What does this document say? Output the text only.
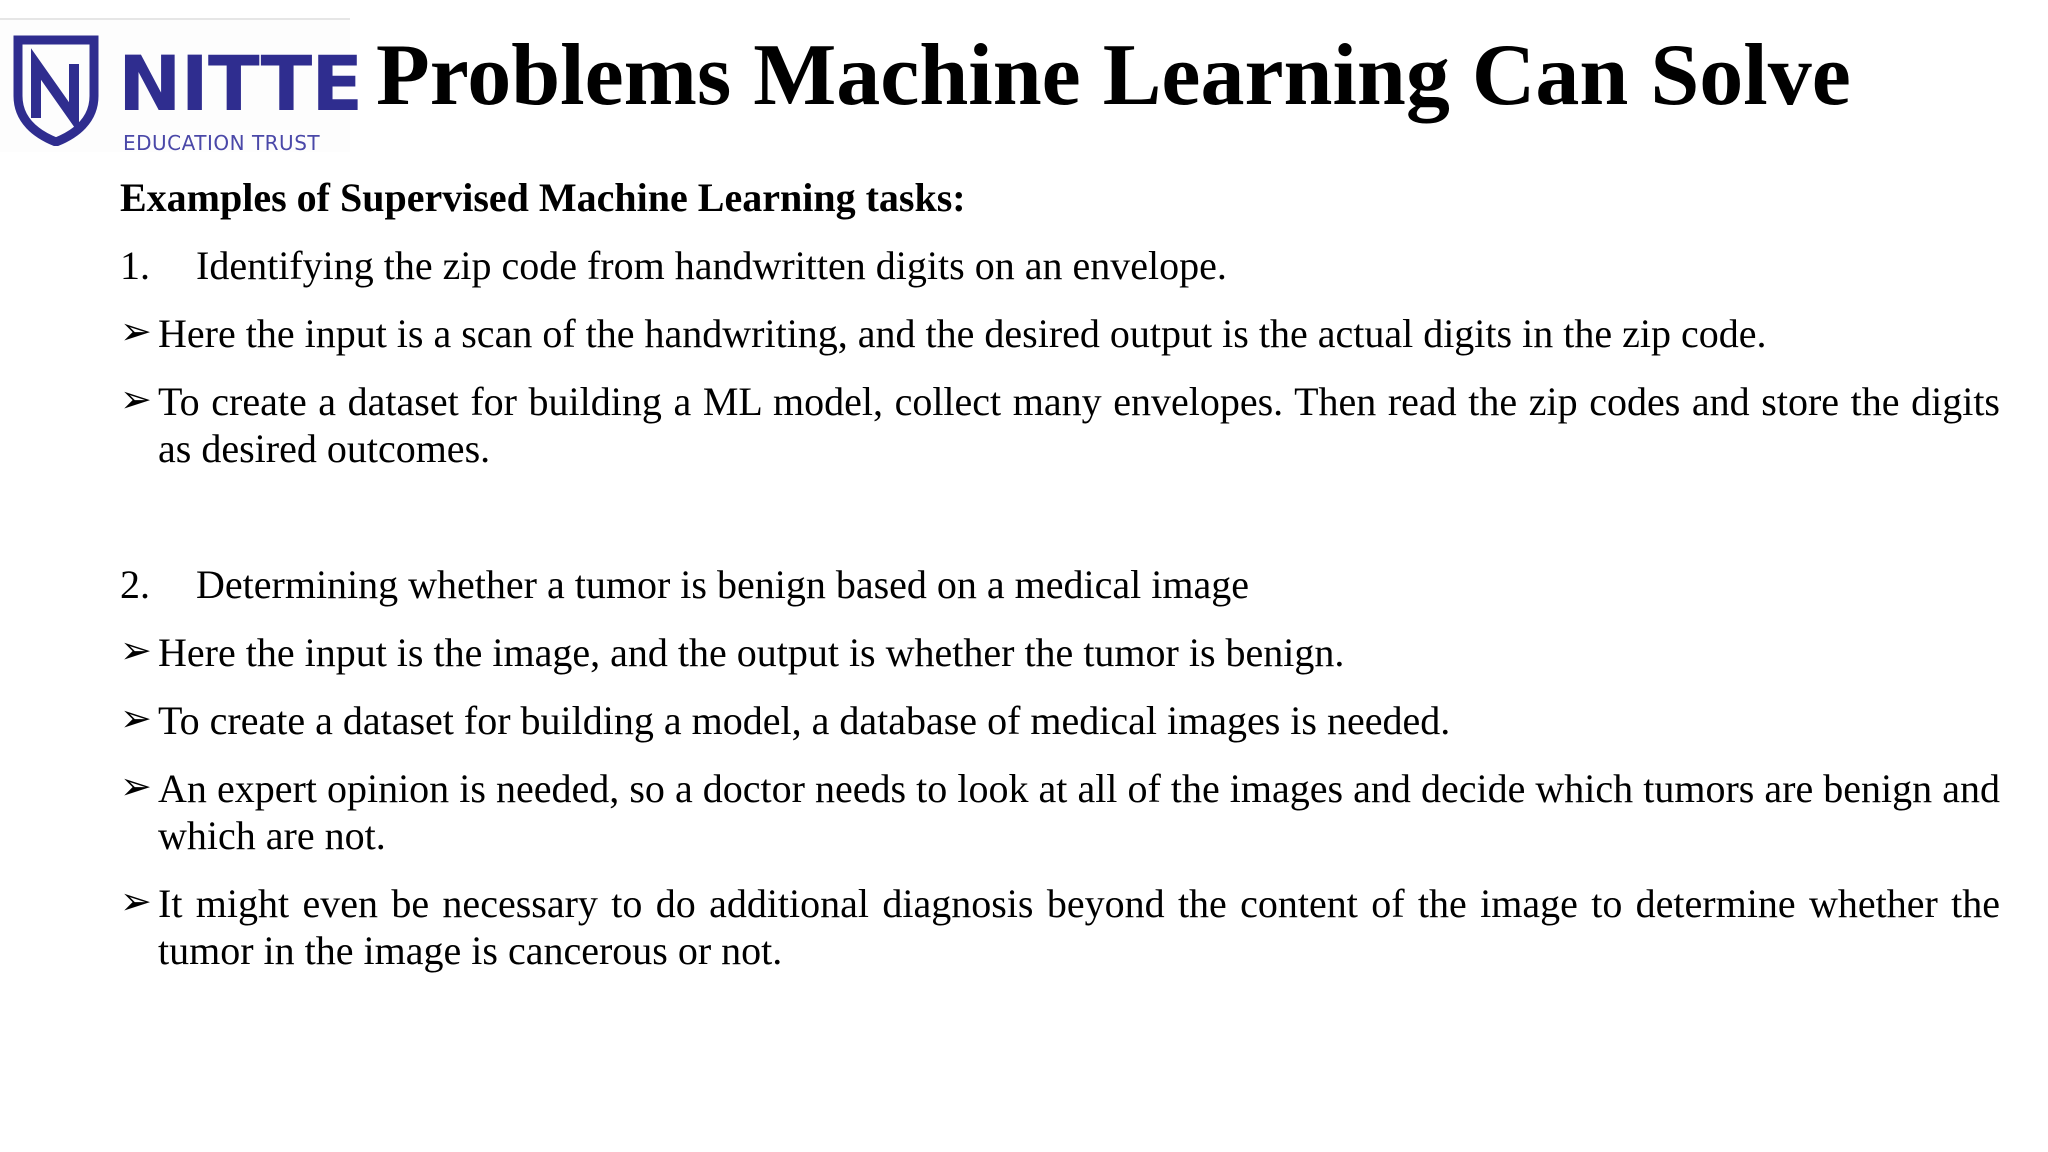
NITTE
EDUCATION TRUST
Problems Machine Learning Can Solve
Examples of Supervised Machine Learning tasks:
1. Identifying the zip code from handwritten digits on an envelope.
➢ Here the input is a scan of the handwriting, and the desired output is the actual digits in the zip code.
➢ To create a dataset for building a ML model, collect many envelopes. Then read the zip codes and store the digits as desired outcomes.
2. Determining whether a tumor is benign based on a medical image
➢ Here the input is the image, and the output is whether the tumor is benign.
➢ To create a dataset for building a model, a database of medical images is needed.
➢ An expert opinion is needed, so a doctor needs to look at all of the images and decide which tumors are benign and which are not.
➢ It might even be necessary to do additional diagnosis beyond the content of the image to determine whether the tumor in the image is cancerous or not.
